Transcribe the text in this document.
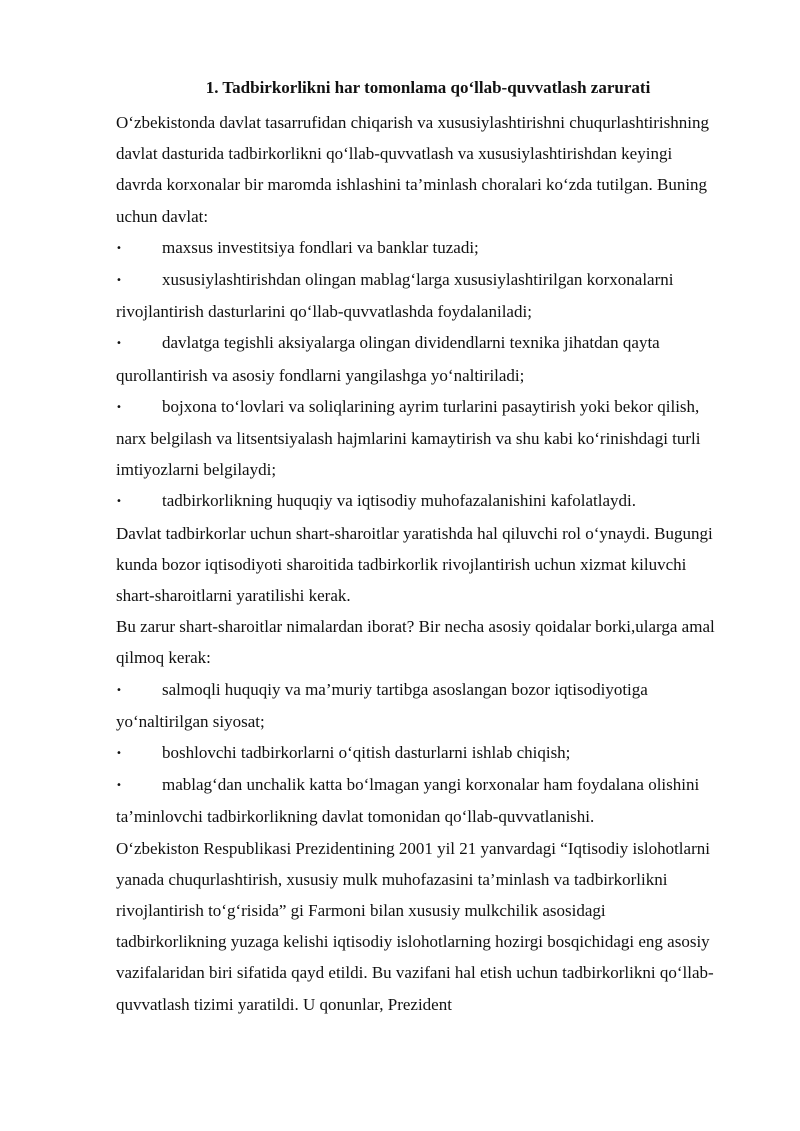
1. Tadbirkorlikni har tomonlama qo‘llab-quvvatlash zarurati

O‘zbekistonda davlat tasarrufidan chiqarish va xususiylashtirishni chuqurlashtirishning davlat dasturida tadbirkorlikni qo‘llab-quvvatlash va xususiylashtirishdan keyingi davrda korxonalar bir maromda ishlashini ta’minlash choralari ko‘zda tutilgan. Buning uchun davlat:

• maxsus investitsiya fondlari va banklar tuzadi;

• xususiylashtirishdan olingan mablag‘larga xususiylashtirilgan korxonalarni rivojlantirish dasturlarini qo‘llab-quvvatlashda foydalaniladi;

• davlatga tegishli aksiyalarga olingan dividendlarni texnika jihatdan qayta qurollantirish va asosiy fondlarni yangilashga yo‘naltiriladi;

• bojxona to‘lovlari va soliqlarining ayrim turlarini pasaytirish yoki bekor qilish, narx belgilash va litsentsiyalash hajmlarini kamaytirish va shu kabi ko‘rinishdagi turli imtiyozlarni belgilaydi;

• tadbirkorlikning huquqiy va iqtisodiy muhofazalanishini kafolatlaydi.

Davlat tadbirkorlar uchun shart-sharoitlar yaratishda hal qiluvchi rol o‘ynaydi. Bugungi kunda bozor iqtisodiyoti sharoitida tadbirkorlik rivojlantirish uchun xizmat kiluvchi shart-sharoitlarni yaratilishi kerak.

Bu zarur shart-sharoitlar nimalardan iborat? Bir necha asosiy qoidalar borki,ularga amal qilmoq kerak:

• salmoqli huquqiy va ma’muriy tartibga asoslangan bozor iqtisodiyotiga yo‘naltirilgan siyosat;

• boshlovchi tadbirkorlarni o‘qitish dasturlarni ishlab chiqish;

• mablag‘dan unchalik katta bo‘lmagan yangi korxonalar ham foydalana olishini ta’minlovchi tadbirkorlikning davlat tomonidan qo‘llab-quvvatlanishi.

O‘zbekiston Respublikasi Prezidentining 2001 yil 21 yanvardagi “Iqtisodiy islohotlarni yanada chuqurlashtirish, xususiy mulk muhofazasini ta’minlash va tadbirkorlikni rivojlantirish to‘g‘risida” gi Farmoni bilan xususiy mulkchilik asosidagi tadbirkorlikning yuzaga kelishi iqtisodiy islohotlarning hozirgi bosqichidagi eng asosiy vazifalaridan biri sifatida qayd etildi. Bu vazifani hal etish uchun tadbirkorlikni qo‘llab-quvvatlash tizimi yaratildi. U qonunlar, Prezident
